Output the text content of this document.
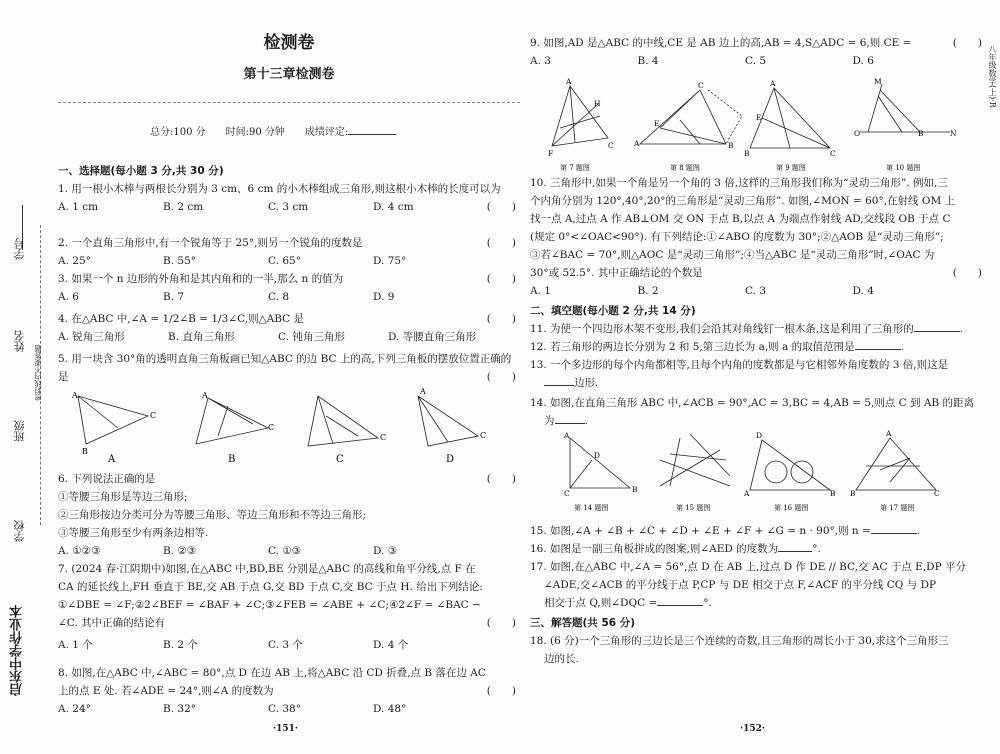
启东中学作业本
学校
班级
姓名
学号
密封线内不要答题
八年级数学(上)·R
检测卷
第十三章检测卷
总分:100 分　　时间:90 分钟　　成绩评定:
一、选择题(每小题 3 分,共 30 分)

1. 用一根小木棒与两根长分别为 3 cm、6 cm 的小木棒组成三角形,则这根小木棒的长度可以为

(　　)
A. 1 cm	B. 2 cm	C. 3 cm	D. 4 cm

2. 一个直角三角形中,有一个锐角等于 25°,则另一个锐角的度数是	(　　)
A. 25°	B. 55°	C. 65°	D. 75°

3. 如果一个 n 边形的外角和是其内角和的一半,那么 n 的值为	(　　)
A. 6	B. 7	C. 8	D. 9

4. 在△ABC 中,∠A = 1/2∠B = 1/3∠C,则△ABC 是	(　　)
A. 锐角三角形	B. 直角三角形	C. 钝角三角形	D. 等腰直角三角形

5. 用一块含 30°角的透明直角三角板画已知△ABC 的边 BC 上的高,下列三角板的摆放位置正确的是	(　　)
A
C
B
C
A
C
A
C
A	B	C	D

6. 下列说法正确的是	(　　)

①等腰三角形是等边三角形;

②三角形按边分类可分为等腰三角形、等边三角形和不等边三角形;

③等腰三角形至少有两条边相等.

A. ①②③	B. ②③	C. ①③	D. ③

7. (2024 春·江阴期中)如图,在△ABC 中,BD,BE 分别是△ABC 的高线和角平分线,点 F 在

CA 的延长线上,FH 垂直于 BE,交 AB 于点 G,交 BD 于点 C,交 BC 于点 H. 给出下列结论:

①∠DBE = ∠F;②2∠BEF = ∠BAF + ∠C;③∠FEB = ∠ABE + ∠C;④2∠F = ∠BAC −

∠C. 其中正确的结论有	(　　)
A. 1 个	B. 2 个	C. 3 个	D. 4 个

8. 如图,在△ABC 中,∠ABC = 80°,点 D 在边 AB 上,将△ABC 沿 CD 折叠,点 B 落在边 AC

上的点 E 处. 若∠ADE = 24°,则∠A 的度数为	(　　)
A. 24°	B. 32°	C. 38°	D. 48°
·151·

9. 如图,AD 是△ABC 的中线,CE 是 AB 边上的高,AB = 4,S△ADC = 6,则 CE =	(　　)
A. 3	B. 4	C. 5	D. 6
A
H
F
C
C
A	B
E
A
B	C
E
M
O	N
B
第 7 题图	第 8 题图	第 9 题图	第 10 题图

10. 三角形中,如果一个角是另一个角的 3 倍,这样的三角形我们称为“灵动三角形”. 例如,三

个内角分别为 120°,40°,20°的三角形是“灵动三角形”. 如图,∠MON = 60°,在射线 OM 上

找一点 A,过点 A 作 AB⊥OM 交 ON 于点 B,以点 A 为端点作射线 AD,交线段 OB 于点 C

(规定 0°<∠OAC<90°). 有下列结论:①∠ABO 的度数为 30°;②△AOB 是“灵动三角形”;

③若∠BAC = 70°,则△AOC 是“灵动三角形”;④当△ABC 是“灵动三角形”时,∠OAC 为

30°或 52.5°. 其中正确结论的个数是	(　　)
A. 1	B. 2	C. 3	D. 4
二、填空题(每小题 2 分,共 14 分)
11. 为使一个四边形木架不变形,我们会沿其对角线钉一根木条,这是利用了三角形的	.
12. 若三角形的两边长分别为 2 和 5,第三边长为 a,则 a 的取值范围是	.

13. 一个多边形的每个内角都相等,且每个内角的度数都是与它相邻外角度数的 3 倍,则这是

边形.

14. 如图,在直角三角形 ABC 中,∠ACB = 90°,AC = 3,BC = 4,AB = 5,则点 C 到 AB 的距离

为	.

A
C	B
D
D
A	B
A
B	C
第 14 题图	第 15 题图	第 16 题图	第 17 题图
15. 如图,∠A + ∠B + ∠C + ∠D + ∠E + ∠F + ∠G = n · 90°,则 n =	.
16. 如图是一副三角板拼成的图案,则∠AED 的度数为	°.

17. 如图,在△ABC 中,∠A = 56°,点 D 在 AB 上,过点 D 作 DE // BC,交 AC 于点 E,DP 平分

∠ADE,交∠ACB 的平分线于点 P,CP 与 DE 相交于点 F,∠ACF 的平分线 CQ 与 DP

相交于点 Q,则∠DQC =	°.

三、解答题(共 56 分)

18. (6 分)一个三角形的三边长是三个连续的奇数,且三角形的周长小于 30,求这个三角形三

边的长.

·152·
